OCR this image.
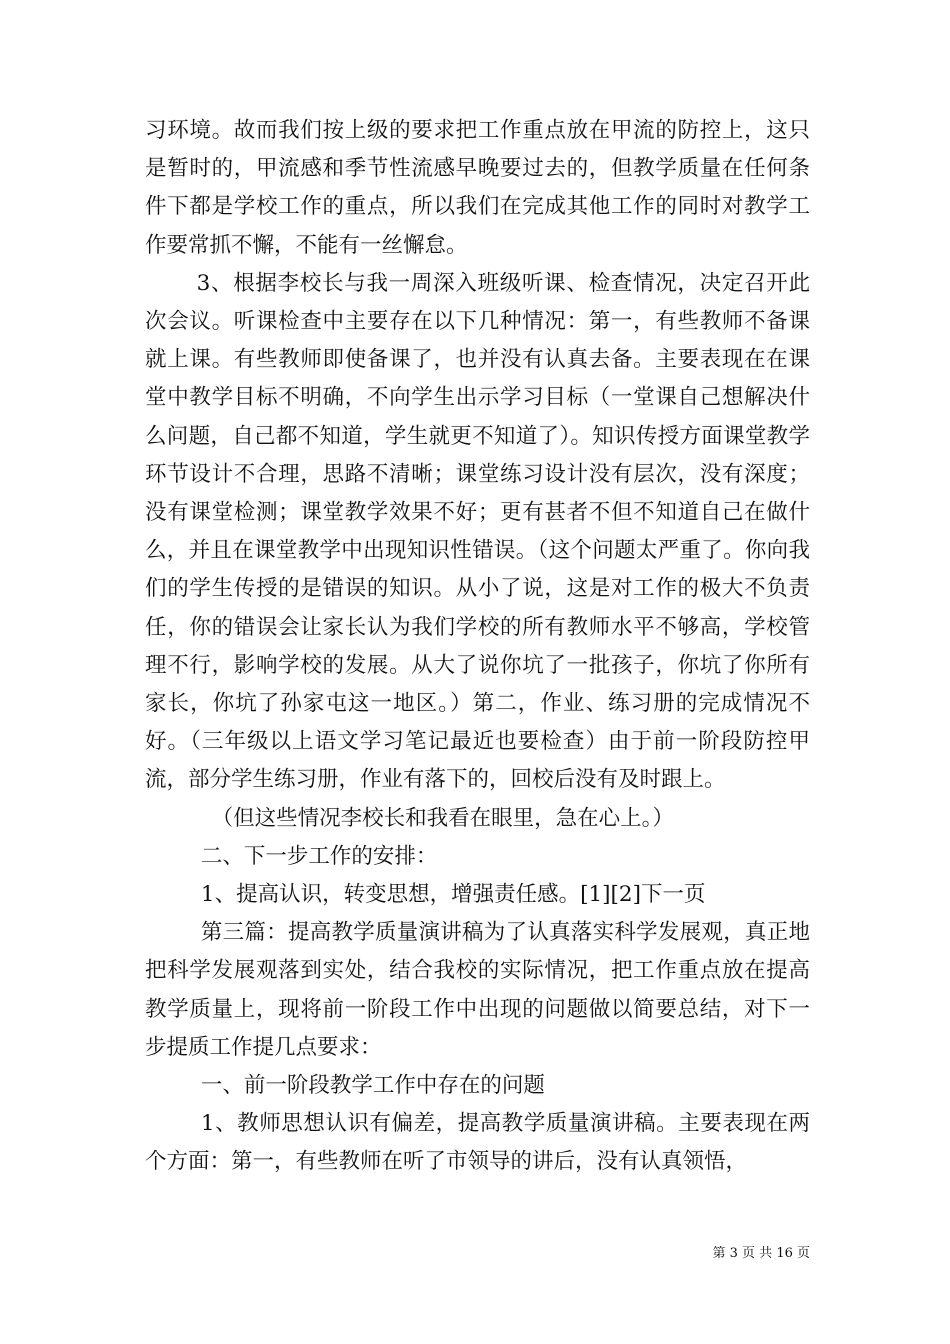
习环境。故而我们按上级的要求把工作重点放在甲流的防控上，这只是暂时的，甲流感和季节性流感早晚要过去的，但教学质量在任何条件下都是学校工作的重点，所以我们在完成其他工作的同时对教学工作要常抓不懈，不能有一丝懈怠。

3、根据李校长与我一周深入班级听课、检查情况，决定召开此次会议。听课检查中主要存在以下几种情况：第一，有些教师不备课就上课。有些教师即使备课了，也并没有认真去备。主要表现在在课堂中教学目标不明确，不向学生出示学习目标（一堂课自己想解决什么问题，自己都不知道，学生就更不知道了）。知识传授方面课堂教学环节设计不合理，思路不清晰；课堂练习设计没有层次，没有深度；没有课堂检测；课堂教学效果不好；更有甚者不但不知道自己在做什么，并且在课堂教学中出现知识性错误。（这个问题太严重了。你向我们的学生传授的是错误的知识。从小了说，这是对工作的极大不负责任，你的错误会让家长认为我们学校的所有教师水平不够高，学校管理不行，影响学校的发展。从大了说你坑了一批孩子，你坑了你所有家长，你坑了孙家屯这一地区。）第二，作业、练习册的完成情况不好。（三年级以上语文学习笔记最近也要检查）由于前一阶段防控甲流，部分学生练习册，作业有落下的，回校后没有及时跟上。

（但这些情况李校长和我看在眼里，急在心上。）

二、下一步工作的安排：

1、提高认识，转变思想，增强责任感。[1][2]下一页

第三篇：提高教学质量演讲稿为了认真落实科学发展观，真正地把科学发展观落到实处，结合我校的实际情况，把工作重点放在提高教学质量上，现将前一阶段工作中出现的问题做以简要总结，对下一步提质工作提几点要求：

一、前一阶段教学工作中存在的问题

1、教师思想认识有偏差，提高教学质量演讲稿。主要表现在两个方面：第一，有些教师在听了市领导的讲后，没有认真领悟，

第 3 页 共 16 页
